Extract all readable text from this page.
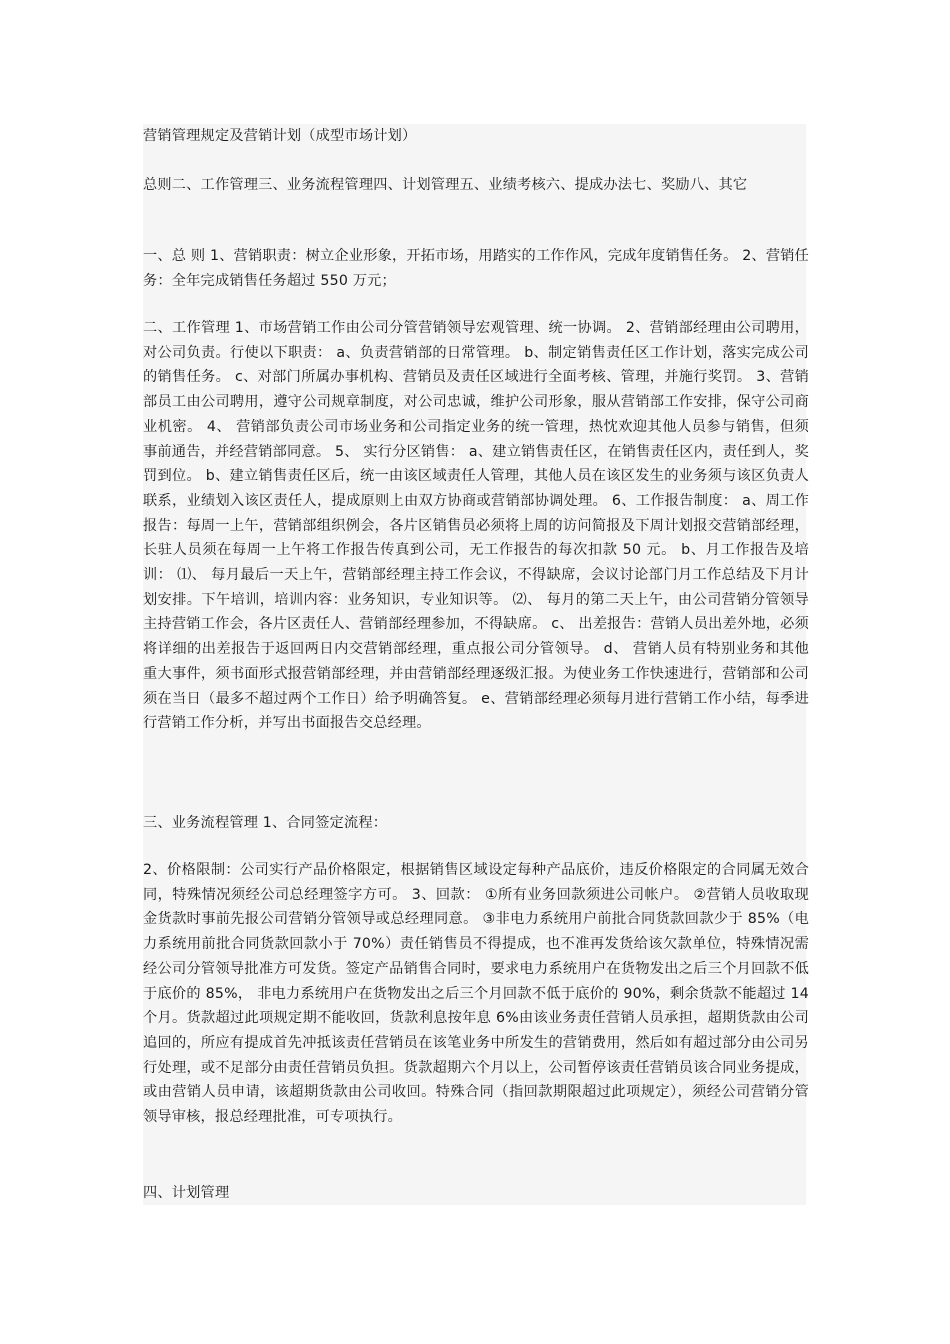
营销管理规定及营销计划（成型市场计划）

总则二、工作管理三、业务流程管理四、计划管理五、业绩考核六、提成办法七、奖励八、其它

一、总 则 1、营销职责：树立企业形象，开拓市场，用踏实的工作作风，完成年度销售任务。 2、营销任务：全年完成销售任务超过 550 万元；

二、工作管理 1、市场营销工作由公司分管营销领导宏观管理、统一协调。 2、营销部经理由公司聘用，对公司负责。行使以下职责： a、负责营销部的日常管理。 b、制定销售责任区工作计划，落实完成公司的销售任务。 c、对部门所属办事机构、营销员及责任区域进行全面考核、管理，并施行奖罚。 3、营销部员工由公司聘用，遵守公司规章制度，对公司忠诚，维护公司形象，服从营销部工作安排，保守公司商业机密。 4、 营销部负责公司市场业务和公司指定业务的统一管理，热忱欢迎其他人员参与销售，但须事前通告，并经营销部同意。 5、 实行分区销售： a、建立销售责任区，在销售责任区内，责任到人，奖罚到位。 b、建立销售责任区后，统一由该区域责任人管理，其他人员在该区发生的业务须与该区负责人联系，业绩划入该区责任人，提成原则上由双方协商或营销部协调处理。 6、工作报告制度： a、周工作报告：每周一上午，营销部组织例会，各片区销售员必须将上周的访问简报及下周计划报交营销部经理，长驻人员须在每周一上午将工作报告传真到公司，无工作报告的每次扣款 50 元。 b、月工作报告及培训： ⑴、 每月最后一天上午，营销部经理主持工作会议，不得缺席，会议讨论部门月工作总结及下月计划安排。下午培训，培训内容：业务知识，专业知识等。 ⑵、 每月的第二天上午，由公司营销分管领导主持营销工作会，各片区责任人、营销部经理参加，不得缺席。 c、 出差报告：营销人员出差外地，必须将详细的出差报告于返回两日内交营销部经理，重点报公司分管领导。 d、 营销人员有特别业务和其他重大事件，须书面形式报营销部经理，并由营销部经理逐级汇报。为使业务工作快速进行，营销部和公司须在当日（最多不超过两个工作日）给予明确答复。 e、营销部经理必须每月进行营销工作小结，每季进行营销工作分析，并写出书面报告交总经理。

三、业务流程管理 1、合同签定流程：

2、价格限制：公司实行产品价格限定，根据销售区域设定每种产品底价，违反价格限定的合同属无效合同，特殊情况须经公司总经理签字方可。 3、回款： ①所有业务回款须进公司帐户。 ②营销人员收取现金货款时事前先报公司营销分管领导或总经理同意。 ③非电力系统用户前批合同货款回款少于 85%（电力系统用前批合同货款回款小于 70%）责任销售员不得提成，也不准再发货给该欠款单位，特殊情况需经公司分管领导批准方可发货。签定产品销售合同时，要求电力系统用户在货物发出之后三个月回款不低于底价的 85%， 非电力系统用户在货物发出之后三个月回款不低于底价的 90%，剩余货款不能超过 14 个月。货款超过此项规定期不能收回，货款利息按年息 6%由该业务责任营销人员承担，超期货款由公司追回的，所应有提成首先冲抵该责任营销员在该笔业务中所发生的营销费用，然后如有超过部分由公司另行处理，或不足部分由责任营销员负担。货款超期六个月以上，公司暂停该责任营销员该合同业务提成，或由营销人员申请，该超期货款由公司收回。特殊合同（指回款期限超过此项规定），须经公司营销分管领导审核，报总经理批准，可专项执行。

四、计划管理
